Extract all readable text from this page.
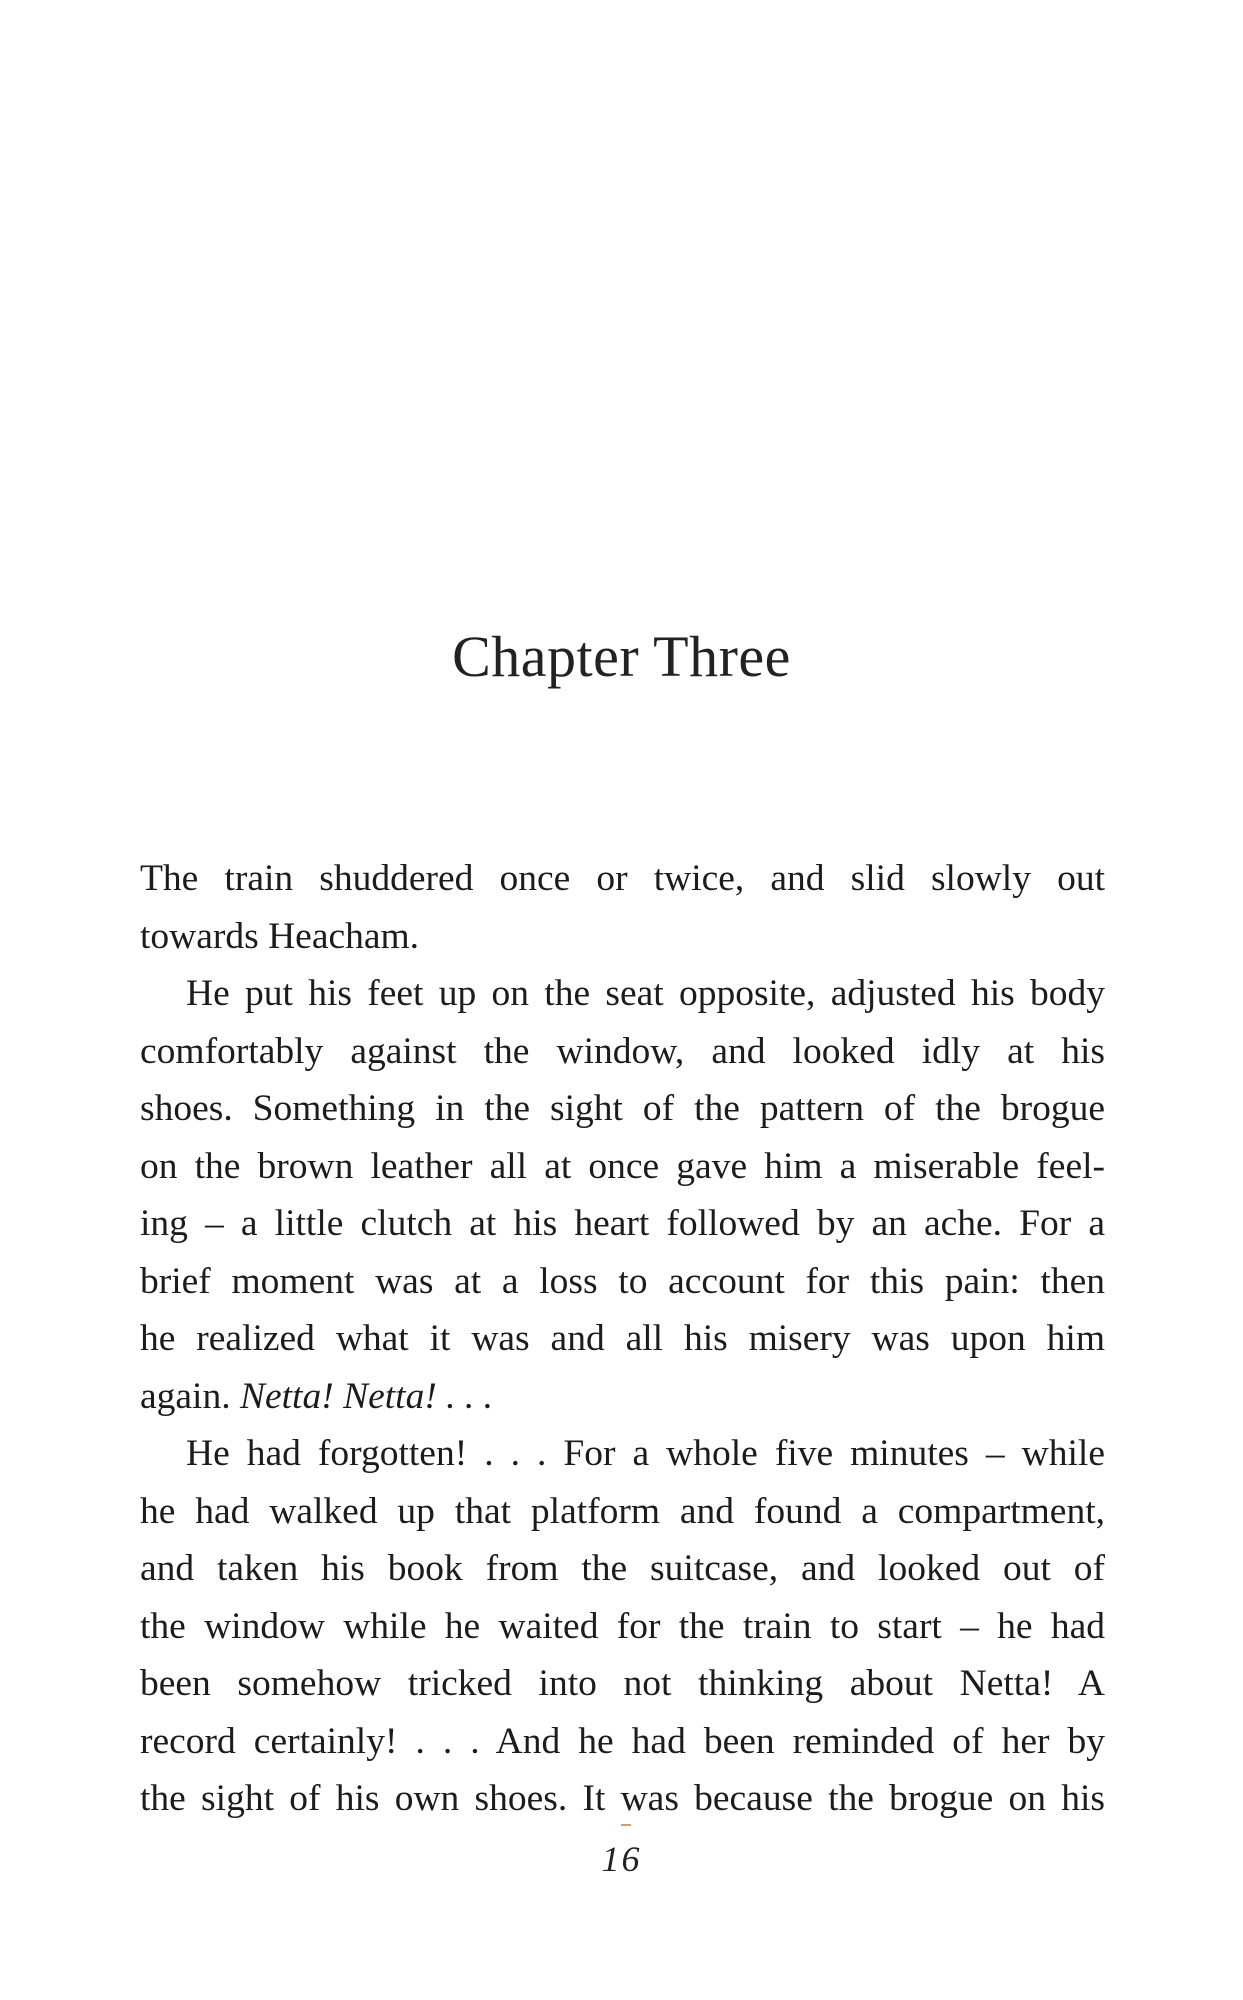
Chapter Three

The train shuddered once or twice, and slid slowly out
towards Heacham.

He put his feet up on the seat opposite, adjusted his body
comfortably against the window, and looked idly at his
shoes. Something in the sight of the pattern of the brogue
on the brown leather all at once gave him a miserable feel-
ing – a little clutch at his heart followed by an ache. For a
brief moment was at a loss to account for this pain: then
he realized what it was and all his misery was upon him
again. Netta! Netta! . . .

He had forgotten! . . . For a whole five minutes – while
he had walked up that platform and found a compartment,
and taken his book from the suitcase, and looked out of
the window while he waited for the train to start – he had
been somehow tricked into not thinking about Netta! A
record certainly! . . . And he had been reminded of her by
the sight of his own shoes. It was because the brogue on his

16
